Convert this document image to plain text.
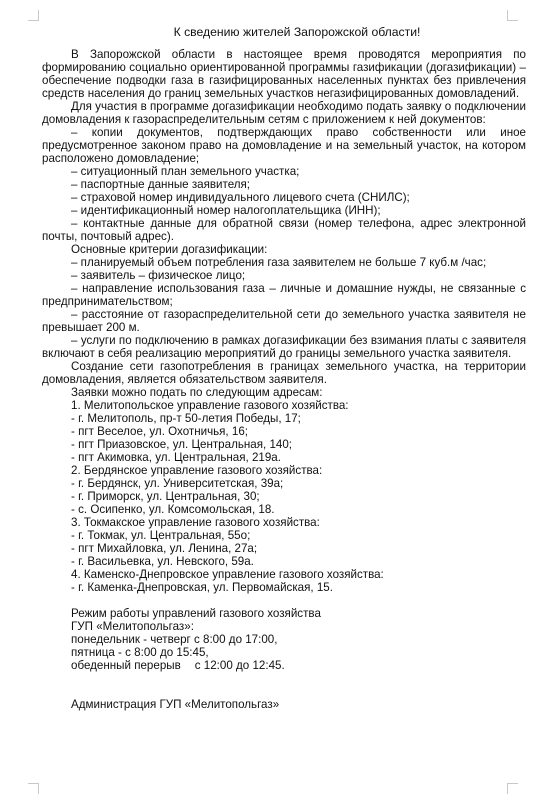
К сведению жителей Запорожской области!

В Запорожской области в настоящее время проводятся мероприятия по формированию социально ориентированной программы газификации (догазификации) – обеспечение подводки газа в газифицированных населенных пунктах без привлечения средств населения до границ земельных участков негазифицированных домовладений.

Для участия в программе догазификации необходимо подать заявку о подключении домовладения к газораспределительным сетям с приложением к ней документов:

– копии документов, подтверждающих право собственности или иное предусмотренное законом право на домовладение и на земельный участок, на котором расположено домовладение;

– ситуационный план земельного участка;

– паспортные данные заявителя;

– страховой номер индивидуального лицевого счета (СНИЛС);

– идентификационный номер налогоплательщика (ИНН);

– контактные данные для обратной связи (номер телефона, адрес электронной почты, почтовый адрес).

Основные критерии догазификации:

– планируемый объем потребления газа заявителем не больше 7 куб.м /час;

– заявитель – физическое лицо;

– направление использования газа – личные и домашние нужды, не связанные с предпринимательством;

– расстояние от газораспределительной сети до земельного участка заявителя не превышает 200 м.

– услуги по подключению в рамках догазификации без взимания платы с заявителя включают в себя реализацию мероприятий до границы земельного участка заявителя.

Создание сети газопотребления в границах земельного участка, на территории домовладения, является обязательством заявителя.

Заявки можно подать по следующим адресам:

1. Мелитопольское управление газового хозяйства:

- г. Мелитополь, пр-т 50-летия Победы, 17;

- пгт Веселое, ул. Охотничья, 16;

- пгт Приазовское, ул. Центральная, 140;

- пгт Акимовка, ул. Центральная, 219а.

2. Бердянское управление газового хозяйства:

- г. Бердянск, ул. Университетская, 39а;

- г. Приморск, ул. Центральная, 30;

- с. Осипенко, ул. Комсомольская, 18.

3. Токмакское управление газового хозяйства:

- г. Токмак, ул. Центральная, 55о;

- пгт Михайловка, ул. Ленина, 27а;

- г. Васильевка, ул. Невского, 59а.

4. Каменско-Днепровское управление газового хозяйства:

- г. Каменка-Днепровская, ул. Первомайская, 15.

Режим работы управлений газового хозяйства

ГУП «Мелитопольгаз»:

понедельник - четверг с 8:00 до 17:00,

пятница - с 8:00 до 15:45,

обеденный перерыв с 12:00 до 12:45.

Администрация ГУП «Мелитопольгаз»
